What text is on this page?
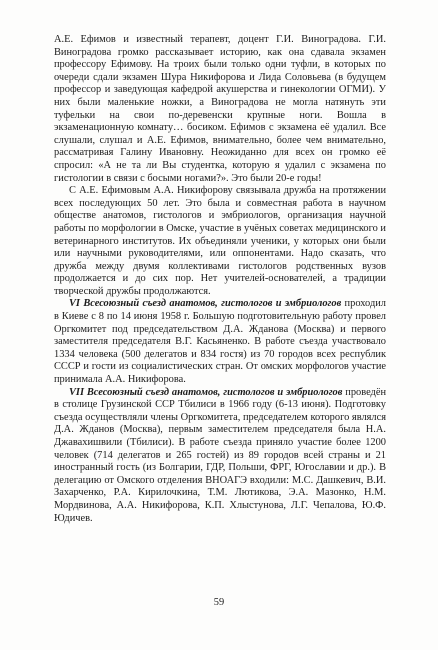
А.Е. Ефимов и известный терапевт, доцент Г.И. Виноградова. Г.И. Виноградова громко рассказывает историю, как она сдавала экзамен профессору Ефимову. На троих были только одни туфли, в которых по очереди сдали экзамен Шура Никифорова и Лида Соловьева (в будущем профессор и заведующая кафедрой акушерства и гинекологии ОГМИ). У них были маленькие ножки, а Виноградова не могла натянуть эти туфельки на свои по-деревенски крупные ноги. Вошла в экзаменационную комнату… босиком. Ефимов с экзамена её удалил. Все слушали, слушал и А.Е. Ефимов, внимательно, более чем внимательно, рассматривая Галину Ивановну. Неожиданно для всех он громко её спросил: «А не та ли Вы студентка, которую я удалил с экзамена по гистологии в связи с босыми ногами?». Это были 20-е годы!

С А.Е. Ефимовым А.А. Никифорову связывала дружба на протяжении всех последующих 50 лет. Это была и совместная работа в научном обществе анатомов, гистологов и эмбриологов, организация научной работы по морфологии в Омске, участие в учёных советах медицинского и ветеринарного институтов. Их объединяли ученики, у которых они были или научными руководителями, или оппонентами. Надо сказать, что дружба между двумя коллективами гистологов родственных вузов продолжается и до сих пор. Нет учителей-основателей, а традиции творческой дружбы продолжаются.

VI Всесоюзный съезд анатомов, гистологов и эмбриологов проходил в Киеве с 8 по 14 июня 1958 г. Большую подготовительную работу провел Оргкомитет под председательством Д.А. Жданова (Москва) и первого заместителя председателя В.Г. Касьяненко. В работе съезда участвовало 1334 человека (500 делегатов и 834 гостя) из 70 городов всех республик СССР и гости из социалистических стран. От омских морфологов участие принимала А.А. Никифорова.

VII Всесоюзный съезд анатомов, гистологов и эмбриологов проведён в столице Грузинской ССР Тбилиси в 1966 году (6-13 июня). Подготовку съезда осуществляли члены Оргкомитета, председателем которого являлся Д.А. Жданов (Москва), первым заместителем председателя была Н.А. Джавахишвили (Тбилиси). В работе съезда приняло участие более 1200 человек (714 делегатов и 265 гостей) из 89 городов всей страны и 21 иностранный гость (из Болгарии, ГДР, Польши, ФРГ, Югославии и др.). В делегацию от Омского отделения ВНОАГЭ входили: М.С. Дашкевич, В.И. Захарченко, Р.А. Кирилочкина, Т.М. Лютикова, Э.А. Мазонко, Н.М. Мордвинова, А.А. Никифорова, К.П. Хлыстунова, Л.Г. Чепалова, Ю.Ф. Юдичев.

59
